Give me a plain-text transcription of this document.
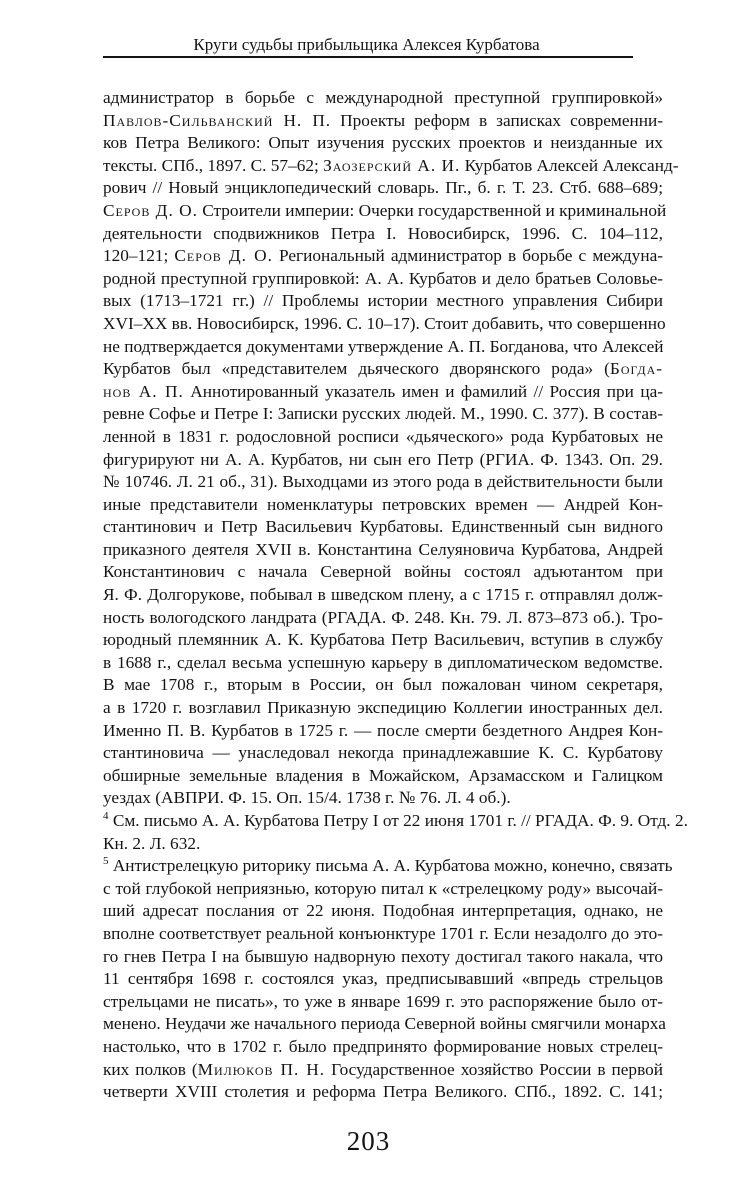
Круги судьбы прибыльщика Алексея Курбатова
администратор в борьбе с международной преступной группировкой»
Павлов-Сильванский Н. П. Проекты реформ в записках современни-
ков Петра Великого: Опыт изучения русских проектов и неизданные их
тексты. СПб., 1897. С. 57–62; Заозерский А. И. Курбатов Алексей Александ-
рович // Новый энциклопедический словарь. Пг., б. г. Т. 23. Стб. 688–689;
Серов Д. О. Строители империи: Очерки государственной и криминальной
деятельности сподвижников Петра I. Новосибирск, 1996. С. 104–112,
120–121; Серов Д. О. Региональный администратор в борьбе с междуна-
родной преступной группировкой: А. А. Курбатов и дело братьев Соловье-
вых (1713–1721 гг.) // Проблемы истории местного управления Сибири
XVI–XX вв. Новосибирск, 1996. С. 10–17). Стоит добавить, что совершенно
не подтверждается документами утверждение А. П. Богданова, что Алексей
Курбатов был «представителем дьяческого дворянского рода» (Богда-
нов А. П. Аннотированный указатель имен и фамилий // Россия при ца-
ревне Софье и Петре I: Записки русских людей. М., 1990. С. 377). В состав-
ленной в 1831 г. родословной росписи «дьяческого» рода Курбатовых не
фигурируют ни А. А. Курбатов, ни сын его Петр (РГИА. Ф. 1343. Оп. 29.
№ 10746. Л. 21 об., 31). Выходцами из этого рода в действительности были
иные представители номенклатуры петровских времен — Андрей Кон-
стантинович и Петр Васильевич Курбатовы. Единственный сын видного
приказного деятеля XVII в. Константина Селуяновича Курбатова, Андрей
Константинович с начала Северной войны состоял адъютантом при
Я. Ф. Долгорукове, побывал в шведском плену, а с 1715 г. отправлял долж-
ность вологодского ландрата (РГАДА. Ф. 248. Кн. 79. Л. 873–873 об.). Тро-
юродный племянник А. К. Курбатова Петр Васильевич, вступив в службу
в 1688 г., сделал весьма успешную карьеру в дипломатическом ведомстве.
В мае 1708 г., вторым в России, он был пожалован чином секретаря,
а в 1720 г. возглавил Приказную экспедицию Коллегии иностранных дел.
Именно П. В. Курбатов в 1725 г. — после смерти бездетного Андрея Кон-
стантиновича — унаследовал некогда принадлежавшие К. С. Курбатову
обширные земельные владения в Можайском, Арзамасском и Галицком
уездах (АВПРИ. Ф. 15. Оп. 15/4. 1738 г. № 76. Л. 4 об.).
$^4$ См. письмо А. А. Курбатова Петру I от 22 июня 1701 г. // РГАДА. Ф. 9. Отд. 2.
Кн. 2. Л. 632.
$^5$ Антистрелецкую риторику письма А. А. Курбатова можно, конечно, связать
с той глубокой неприязнью, которую питал к «стрелецкому роду» высочай-
ший адресат послания от 22 июня. Подобная интерпретация, однако, не
вполне соответствует реальной конъюнктуре 1701 г. Если незадолго до это-
го гнев Петра I на бывшую надворную пехоту достигал такого накала, что
11 сентября 1698 г. состоялся указ, предписывавший «впредь стрельцов
стрельцами не писать», то уже в январе 1699 г. это распоряжение было от-
менено. Неудачи же начального периода Северной войны смягчили монарха
настолько, что в 1702 г. было предпринято формирование новых стрелец-
ких полков (Милюков П. Н. Государственное хозяйство России в первой
четверти XVIII столетия и реформа Петра Великого. СПб., 1892. С. 141;
203
